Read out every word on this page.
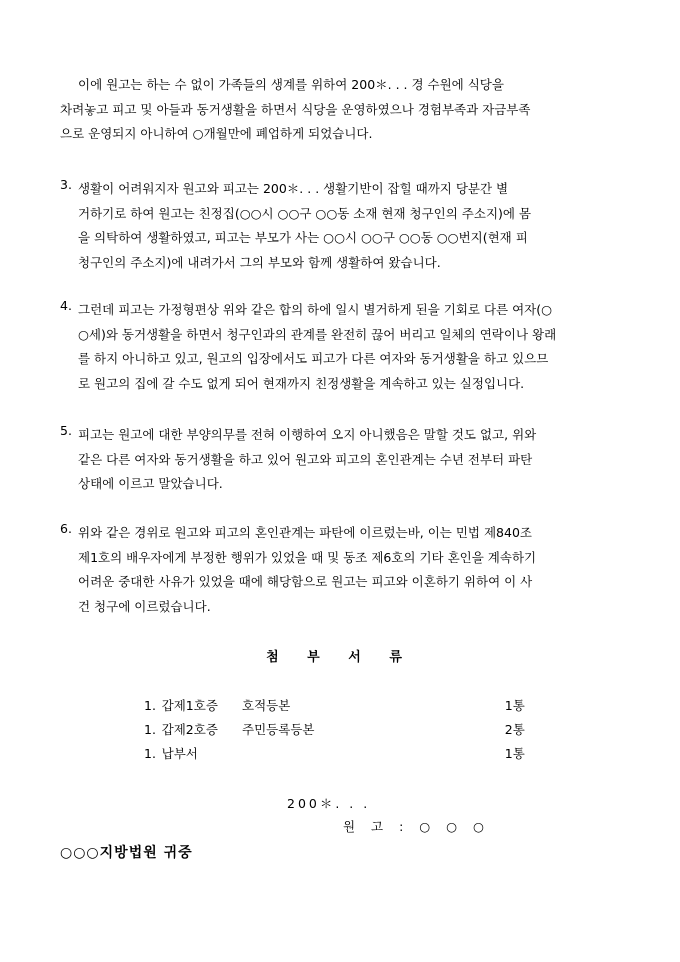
이에 원고는 하는 수 없이 가족들의 생계를 위하여 200＊. . . 경 수원에 식당을
차려놓고 피고 및 아들과 동거생활을 하면서 식당을 운영하였으나 경험부족과 자금부족
으로 운영되지 아니하여 ○개월만에 폐업하게 되었습니다.
3. 생활이 어려워지자 원고와 피고는 200＊. . . 생활기반이 잡힐 때까지 당분간 별
거하기로 하여 원고는 친정집(○○시 ○○구 ○○동 소재 현재 청구인의 주소지)에 몸
을 의탁하여 생활하였고, 피고는 부모가 사는 ○○시 ○○구 ○○동 ○○번지(현재 피
청구인의 주소지)에 내려가서 그의 부모와 함께 생활하여 왔습니다.
4. 그런데 피고는 가정형편상 위와 같은 합의 하에 일시 별거하게 된을 기회로 다른 여자(○
○세)와 동거생활을 하면서 청구인과의 관계를 완전히 끊어 버리고 일체의 연락이나 왕래
를 하지 아니하고 있고, 원고의 입장에서도 피고가 다른 여자와 동거생활을 하고 있으므
로 원고의 집에 갈 수도 없게 되어 현재까지 친정생활을 계속하고 있는 실정입니다.
5. 피고는 원고에 대한 부양의무를 전혀 이행하여 오지 아니했음은 말할 것도 없고, 위와
같은 다른 여자와 동거생활을 하고 있어 원고와 피고의 혼인관계는 수년 전부터 파탄
상태에 이르고 말았습니다.
6. 위와 같은 경위로 원고와 피고의 혼인관계는 파탄에 이르렀는바, 이는 민법 제840조
제1호의 배우자에게 부정한 행위가 있었을 때 및 동조 제6호의 기타 혼인을 계속하기
어려운 중대한 사유가 있었을 때에 해당함으로 원고는 피고와 이혼하기 위하여 이 사
건 청구에 이르렀습니다.
첨 부 서 류
1. 갑제1호증	호적등본	1통
1. 갑제2호증	주민등록등본	2통
1. 납부서	1통
200＊. . .
원 고 : ○ ○ ○
○○○지방법원 귀중
